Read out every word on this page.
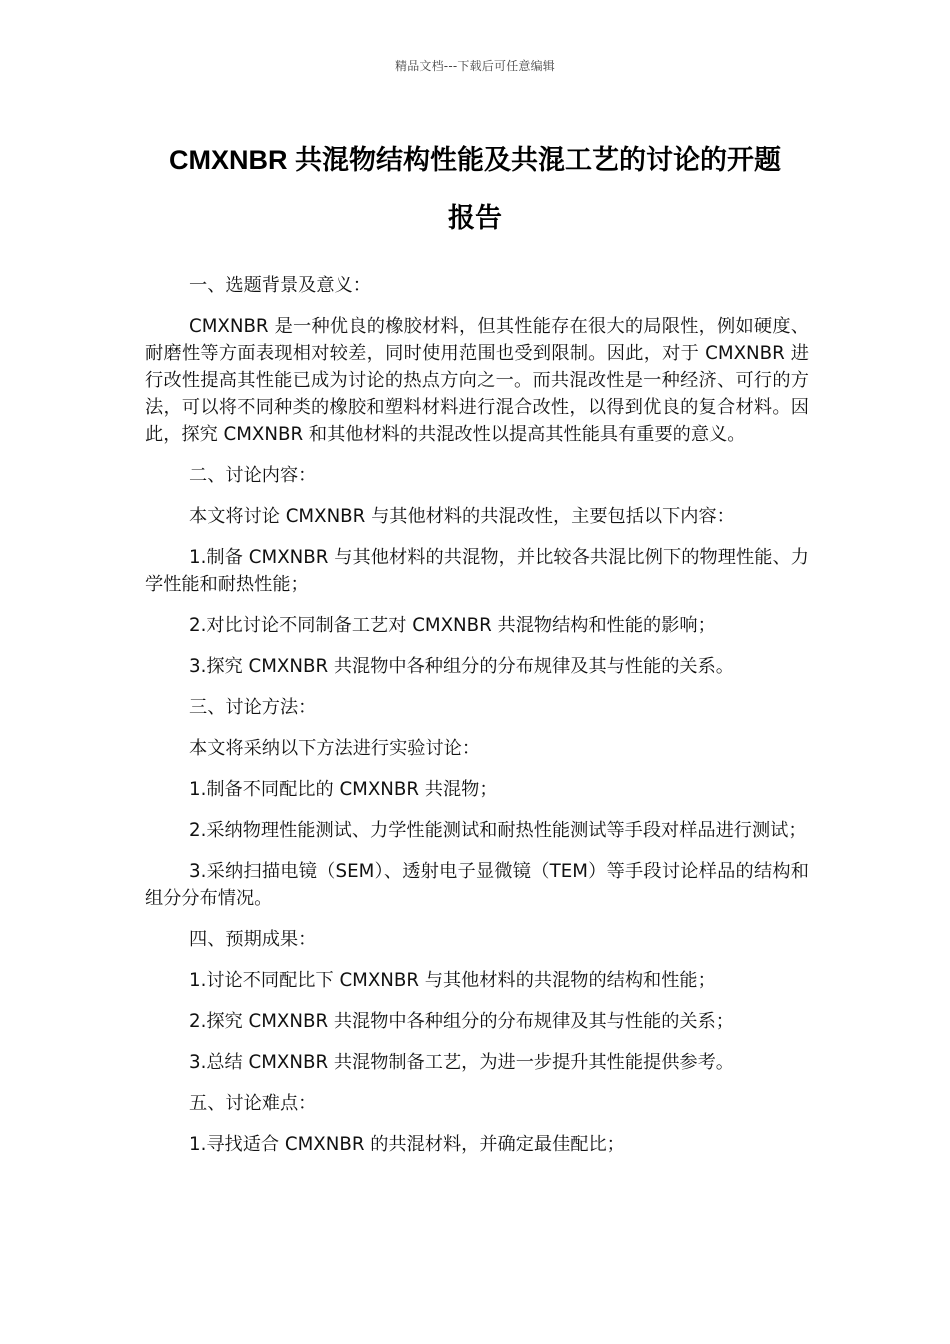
精品文档---下载后可任意编辑
CMXNBR 共混物结构性能及共混工艺的讨论的开题
报告

一、选题背景及意义：

CMXNBR 是一种优良的橡胶材料，但其性能存在很大的局限性，例如硬度、耐磨性等方面表现相对较差，同时使用范围也受到限制。因此，对于 CMXNBR 进行改性提高其性能已成为讨论的热点方向之一。而共混改性是一种经济、可行的方法，可以将不同种类的橡胶和塑料材料进行混合改性，以得到优良的复合材料。因此，探究 CMXNBR 和其他材料的共混改性以提高其性能具有重要的意义。

二、讨论内容：

本文将讨论 CMXNBR 与其他材料的共混改性，主要包括以下内容：

1.制备 CMXNBR 与其他材料的共混物，并比较各共混比例下的物理性能、力学性能和耐热性能；

2.对比讨论不同制备工艺对 CMXNBR 共混物结构和性能的影响；

3.探究 CMXNBR 共混物中各种组分的分布规律及其与性能的关系。

三、讨论方法：

本文将采纳以下方法进行实验讨论：

1.制备不同配比的 CMXNBR 共混物；

2.采纳物理性能测试、力学性能测试和耐热性能测试等手段对样品进行测试；

3.采纳扫描电镜（SEM）、透射电子显微镜（TEM）等手段讨论样品的结构和组分分布情况。

四、预期成果：

1.讨论不同配比下 CMXNBR 与其他材料的共混物的结构和性能；

2.探究 CMXNBR 共混物中各种组分的分布规律及其与性能的关系；

3.总结 CMXNBR 共混物制备工艺，为进一步提升其性能提供参考。

五、讨论难点：

1.寻找适合 CMXNBR 的共混材料，并确定最佳配比；
